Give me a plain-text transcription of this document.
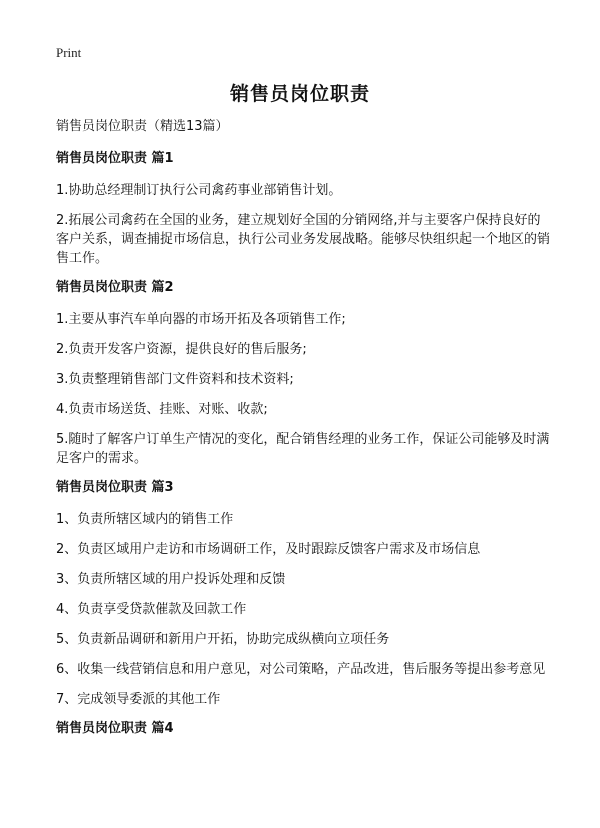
Print
销售员岗位职责
销售员岗位职责（精选13篇）
销售员岗位职责 篇1

1.协助总经理制订执行公司禽药事业部销售计划。

2.拓展公司禽药在全国的业务，建立规划好全国的分销网络,并与主要客户保持良好的客户关系，调查捕捉市场信息，执行公司业务发展战略。能够尽快组织起一个地区的销售工作。

销售员岗位职责 篇2

1.主要从事汽车单向器的市场开拓及各项销售工作;

2.负责开发客户资源，提供良好的售后服务;

3.负责整理销售部门文件资料和技术资料;

4.负责市场送货、挂账、对账、收款;

5.随时了解客户订单生产情况的变化，配合销售经理的业务工作，保证公司能够及时满足客户的需求。

销售员岗位职责 篇3

1、负责所辖区域内的销售工作

2、负责区域用户走访和市场调研工作，及时跟踪反馈客户需求及市场信息

3、负责所辖区域的用户投诉处理和反馈

4、负责享受贷款催款及回款工作

5、负责新品调研和新用户开拓，协助完成纵横向立项任务

6、收集一线营销信息和用户意见，对公司策略，产品改进，售后服务等提出参考意见

7、完成领导委派的其他工作

销售员岗位职责 篇4
